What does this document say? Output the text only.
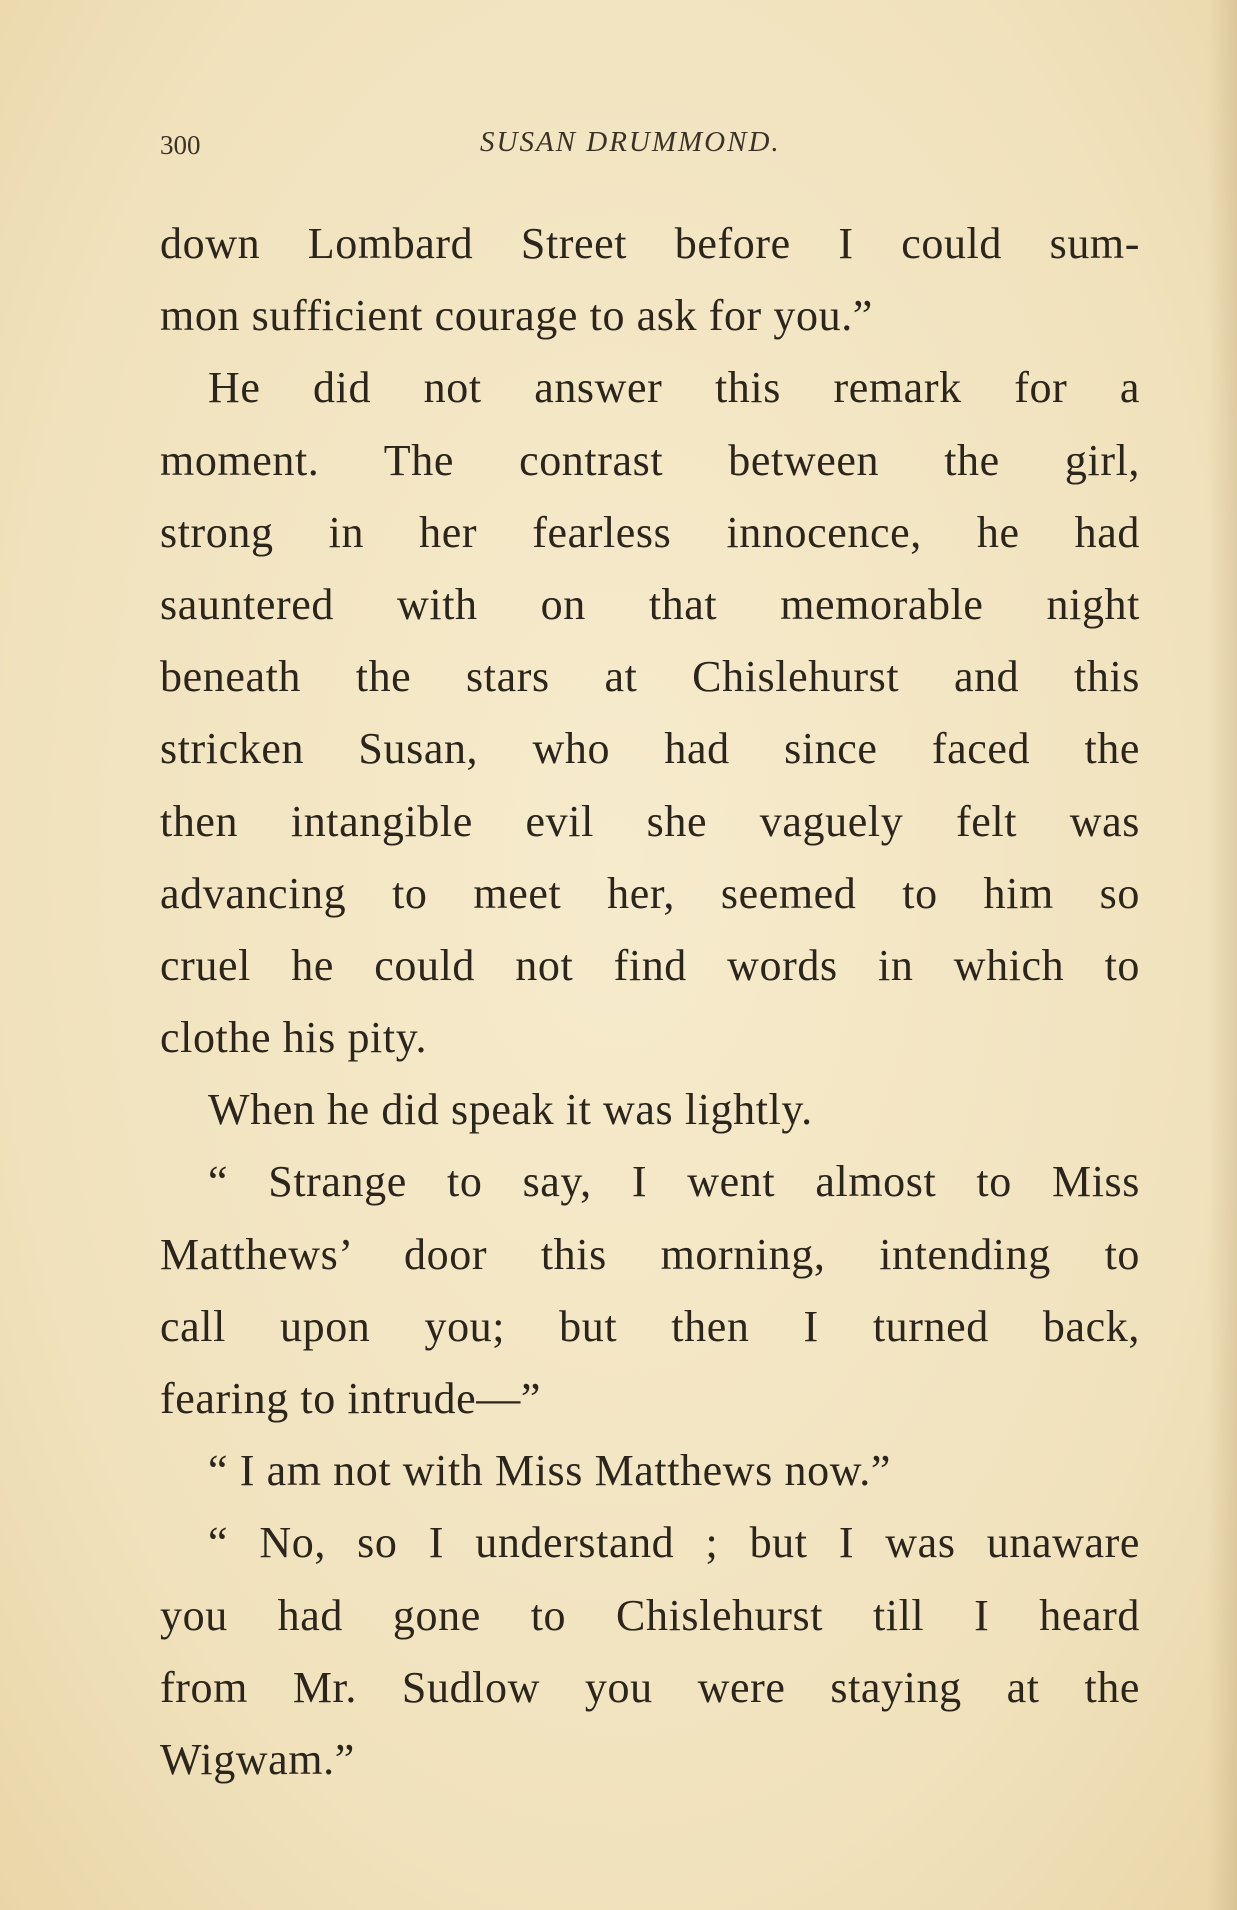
300	SUSAN DRUMMOND.
down Lombard Street before I could sum-
mon sufficient courage to ask for you.”
He did not answer this remark for a
moment. The contrast between the girl,
strong in her fearless innocence, he had
sauntered with on that memorable night
beneath the stars at Chislehurst and this
stricken Susan, who had since faced the
then intangible evil she vaguely felt was
advancing to meet her, seemed to him so
cruel he could not find words in which to
clothe his pity.
When he did speak it was lightly.
“ Strange to say, I went almost to Miss
Matthews’ door this morning, intending to
call upon you; but then I turned back,
fearing to intrude—”
“ I am not with Miss Matthews now.”
“ No, so I understand ; but I was unaware
you had gone to Chislehurst till I heard
from Mr. Sudlow you were staying at the
Wigwam.”
